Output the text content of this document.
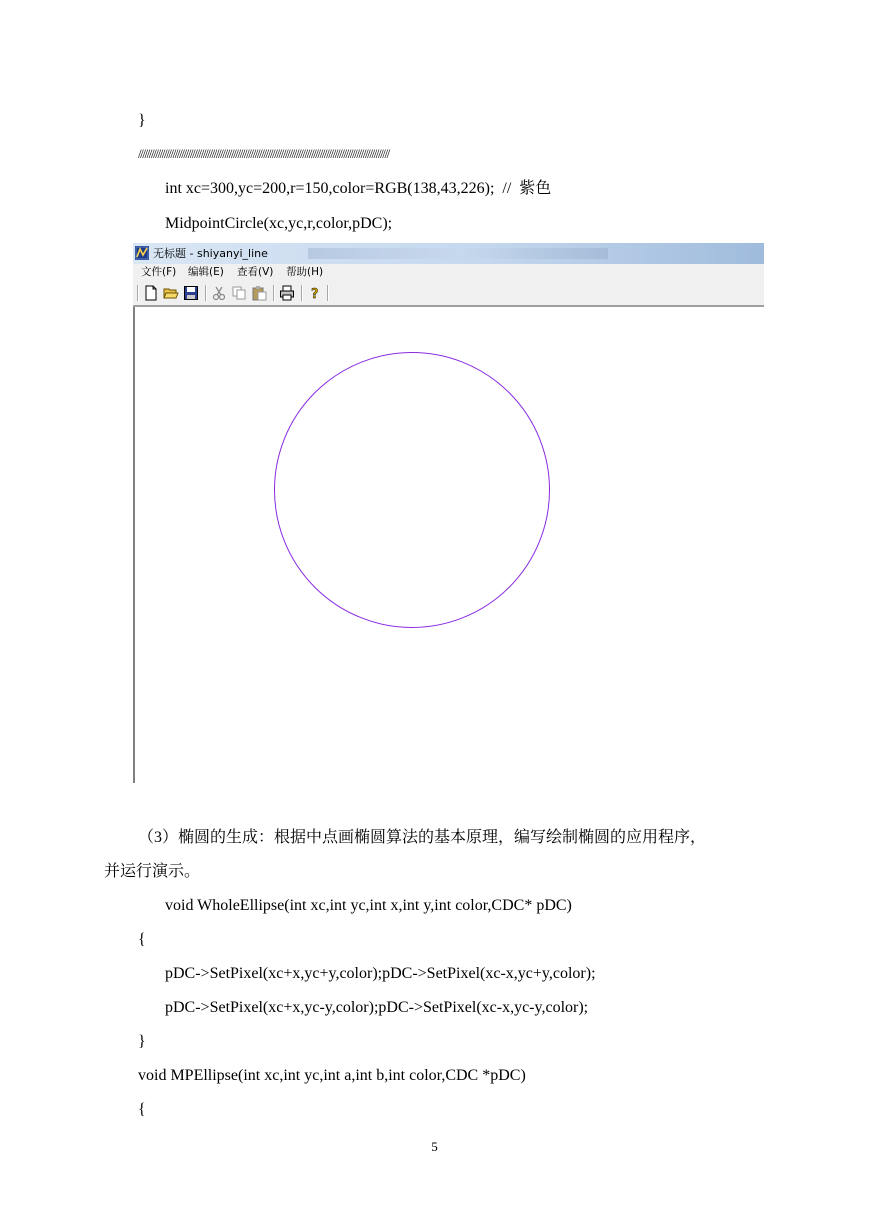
}
////////////////////////////////////////////////////////////////////////////////////////////////////////////////////
int xc=300,yc=200,r=150,color=RGB(138,43,226);  //  紫色
MidpointCircle(xc,yc,r,color,pDC);
无标题 - shiyanyi_line
文件(F) 编辑(E) 查看(V) 帮助(H)
?
（3）椭圆的生成：根据中点画椭圆算法的基本原理，编写绘制椭圆的应用程序，
并运行演示。
void WholeEllipse(int xc,int yc,int x,int y,int color,CDC* pDC)
{
pDC->SetPixel(xc+x,yc+y,color);pDC->SetPixel(xc-x,yc+y,color);
pDC->SetPixel(xc+x,yc-y,color);pDC->SetPixel(xc-x,yc-y,color);
}
void MPEllipse(int xc,int yc,int a,int b,int color,CDC *pDC)
{
5
